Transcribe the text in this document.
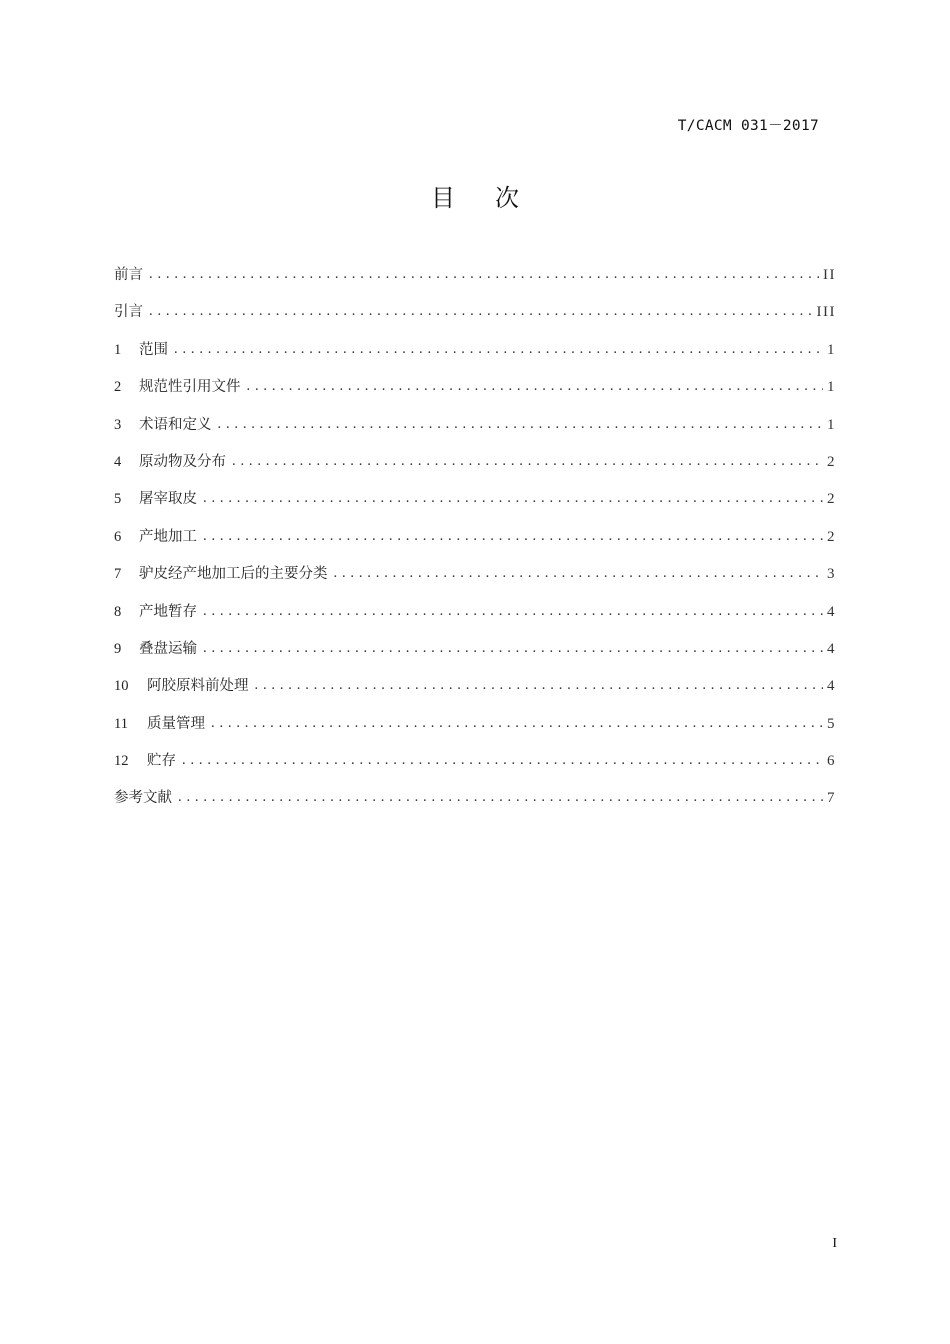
T/CACM 031－2017
目 次
前言 . . .	II
引言 . . .	III
1	范围 . . .	1
2	规范性引用文件 . . .	1
3	术语和定义 . . .	1
4	原动物及分布 . . .	2
5	屠宰取皮 . . .	2
6	产地加工 . . .	2
7	驴皮经产地加工后的主要分类 . . .	3
8	产地暂存 . . .	4
9	叠盘运输 . . .	4
10	阿胶原料前处理 . . .	4
11	质量管理 . . .	5
12	贮存 . . .	6
参考文献 . . .	7
I
